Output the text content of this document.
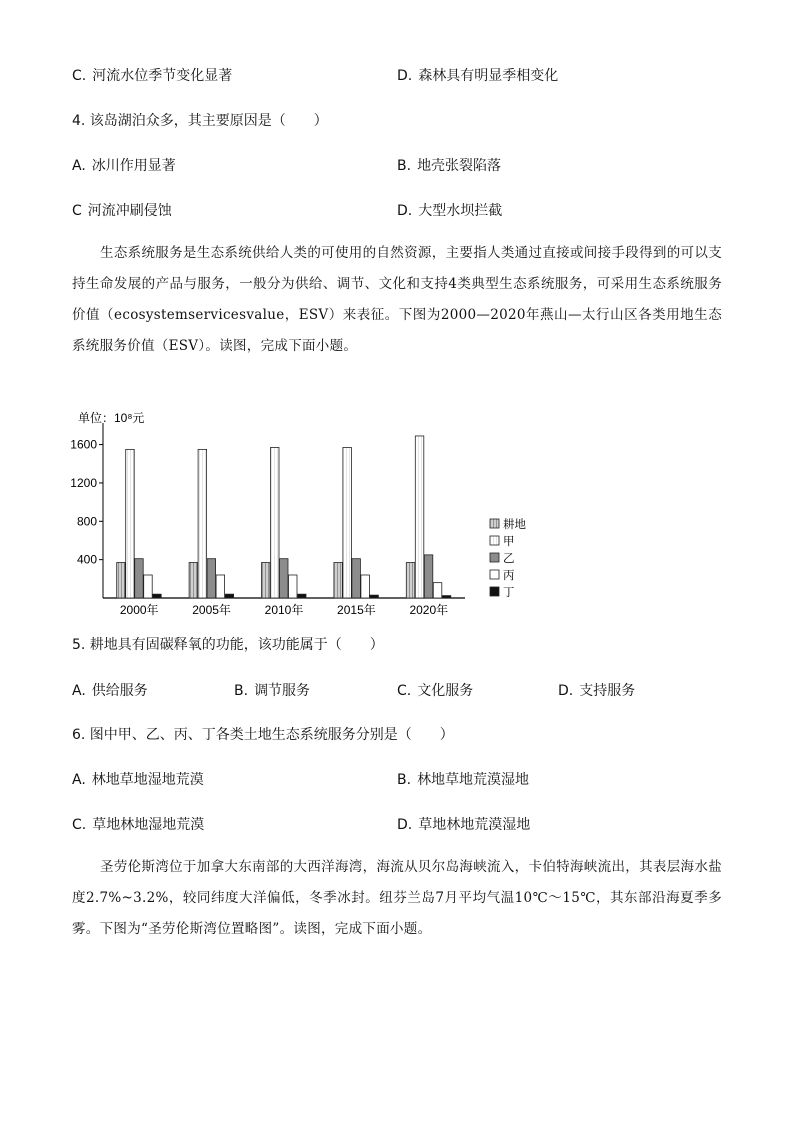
C. 河流水位季节变化显著	D. 森林具有明显季相变化
4. 该岛湖泊众多，其主要原因是（　　）
A. 冰川作用显著	B. 地壳张裂陷落
C 河流冲刷侵蚀	D. 大型水坝拦截

生态系统服务是生态系统供给人类的可使用的自然资源，主要指人类通过直接或间接手段得到的可以支持生命发展的产品与服务，一般分为供给、调节、文化和支持4类典型生态系统服务，可采用生态系统服务价值（ecosystemservicesvalue，ESV）来表征。下图为2000—2020年燕山—太行山区各类用地生态系统服务价值（ESV）。读图，完成下面小题。

单位：10⁸元
400
800
1200
1600
2000年	2005年	2010年	2015年	2020年
耕地
甲
乙
丙
丁
5. 耕地具有固碳释氧的功能，该功能属于（　　）
A. 供给服务	B. 调节服务	C. 文化服务	D. 支持服务
6. 图中甲、乙、丙、丁各类土地生态系统服务分别是（　　）
A. 林地草地湿地荒漠	B. 林地草地荒漠湿地
C. 草地林地湿地荒漠	D. 草地林地荒漠湿地

圣劳伦斯湾位于加拿大东南部的大西洋海湾，海流从贝尔岛海峡流入，卡伯特海峡流出，其表层海水盐度2.7%~3.2%，较同纬度大洋偏低，冬季冰封。纽芬兰岛7月平均气温10℃～15℃，其东部沿海夏季多雾。下图为“圣劳伦斯湾位置略图”。读图，完成下面小题。
